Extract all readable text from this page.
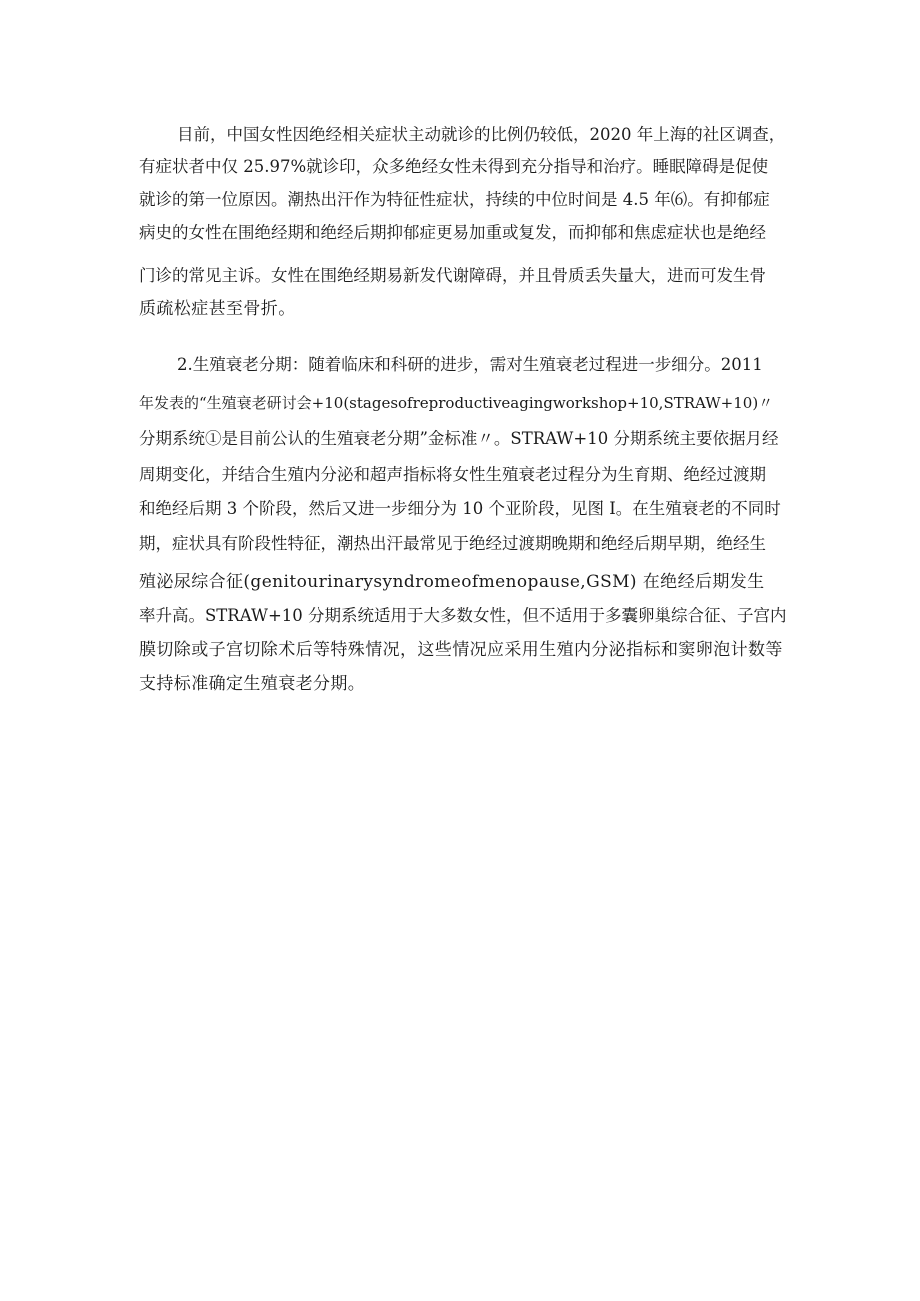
目前，中国女性因绝经相关症状主动就诊的比例仍较低，2020 年上海的社区调查，

有症状者中仅 25.97%就诊印，众多绝经女性未得到充分指导和治疗。睡眠障碍是促使

就诊的第一位原因。潮热出汗作为特征性症状，持续的中位时间是 4.5 年⑹。有抑郁症

病史的女性在围绝经期和绝经后期抑郁症更易加重或复发，而抑郁和焦虑症状也是绝经

门诊的常见主诉。女性在围绝经期易新发代谢障碍，并且骨质丢失量大，进而可发生骨

质疏松症甚至骨折。

2.生殖衰老分期：随着临床和科研的进步，需对生殖衰老过程进一步细分。2011

年发表的“生殖衰老研讨会+10(stagesofreproductiveagingworkshop+10,STRAW+10)〃

分期系统①是目前公认的生殖衰老分期”金标准〃。STRAW+10 分期系统主要依据月经

周期变化，并结合生殖内分泌和超声指标将女性生殖衰老过程分为生育期、绝经过渡期

和绝经后期 3 个阶段，然后又进一步细分为 10 个亚阶段，见图 I。在生殖衰老的不同时

期，症状具有阶段性特征，潮热出汗最常见于绝经过渡期晚期和绝经后期早期，绝经生

殖泌尿综合征(genitourinarysyndromeofmenopause,GSM) 在绝经后期发生

率升高。STRAW+10 分期系统适用于大多数女性，但不适用于多囊卵巢综合征、子宫内

膜切除或子宫切除术后等特殊情况，这些情况应采用生殖内分泌指标和窦卵泡计数等

支持标准确定生殖衰老分期。
